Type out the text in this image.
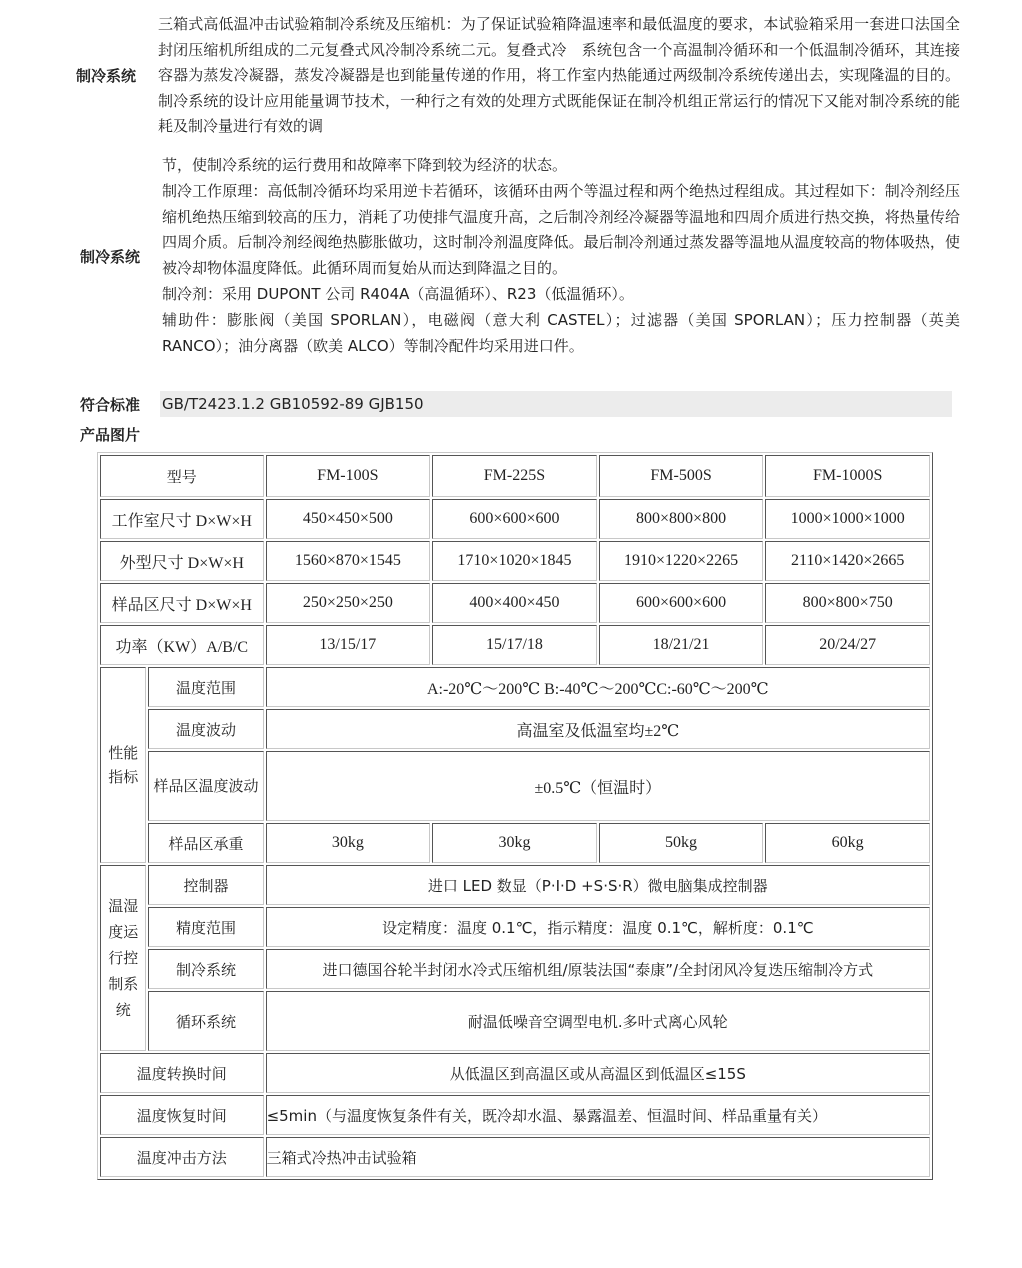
制冷系统
三箱式高低温冲击试验箱制冷系统及压缩机：为了保证试验箱降温速率和最低温度的要求，本试验箱采用一套进口法国全封闭压缩机所组成的二元复叠式风冷制冷系统二元。复叠式冷　系统包含一个高温制冷循环和一个低温制冷循环，其连接容器为蒸发冷凝器，蒸发冷凝器是也到能量传递的作用，将工作室内热能通过两级制冷系统传递出去，实现隆温的目的。制冷系统的设计应用能量调节技术，一种行之有效的处理方式既能保证在制冷机组正常运行的情况下又能对制冷系统的能耗及制冷量进行有效的调
制冷系统

节，使制冷系统的运行费用和故障率下降到较为经济的状态。

制冷工作原理：高低制冷循环均采用逆卡若循环，该循环由两个等温过程和两个绝热过程组成。其过程如下：制冷剂经压缩机绝热压缩到较高的压力，消耗了功使排气温度升高，之后制冷剂经冷凝器等温地和四周介质进行热交换，将热量传给四周介质。后制冷剂经阀绝热膨胀做功，这时制冷剂温度降低。最后制冷剂通过蒸发器等温地从温度较高的物体吸热，使被冷却物体温度降低。此循环周而复始从而达到降温之目的。

制冷剂：采用 DUPONT 公司 R404A（高温循环）、R23（低温循环）。

辅助件：膨胀阀（美国 SPORLAN），电磁阀（意大利 CASTEL）；过滤器（美国 SPORLAN）；压力控制器（英美 RANCO）；油分离器（欧美 ALCO）等制冷配件均采用进口件。

符合标准	GB/T2423.1.2 GB10592-89 GJB150
产品图片
型号		FM-100S	FM-225S	FM-500S	FM-1000S
工作室尺寸 D×W×H		450×450×500	600×600×600	800×800×800	1000×1000×1000
外型尺寸 D×W×H		1560×870×1545	1710×1020×1845	1910×1220×2265	2110×1420×2665
样品区尺寸 D×W×H		250×250×250	400×400×450	600×600×600	800×800×750
功率（KW）A/B/C		13/15/17	15/17/18	18/21/21	20/24/27
性能指标	温度范围	A:-20℃～200℃ B:-40℃～200℃C:-60℃～200℃			
	温度波动	高温室及低温室均±2℃			
	样品区温度波动	±0.5℃（恒温时）			
	样品区承重	30kg	30kg	50kg	60kg
温湿度运行控制系统	控制器	进口 LED 数显（P·I·D +S·S·R）微电脑集成控制器			
	精度范围	设定精度：温度 0.1℃，指示精度：温度 0.1℃，解析度：0.1℃			
	制冷系统	进口德国谷轮半封闭水冷式压缩机组/原装法国“泰康”/全封闭风冷复迭压缩制冷方式			
	循环系统	耐温低噪音空调型电机.多叶式离心风轮			
温度转换时间		从低温区到高温区或从高温区到低温区≤15S			
温度恢复时间		≤5min（与温度恢复条件有关，既冷却水温、暴露温差、恒温时间、样品重量有关）			
温度冲击方法		三箱式冷热冲击试验箱			
